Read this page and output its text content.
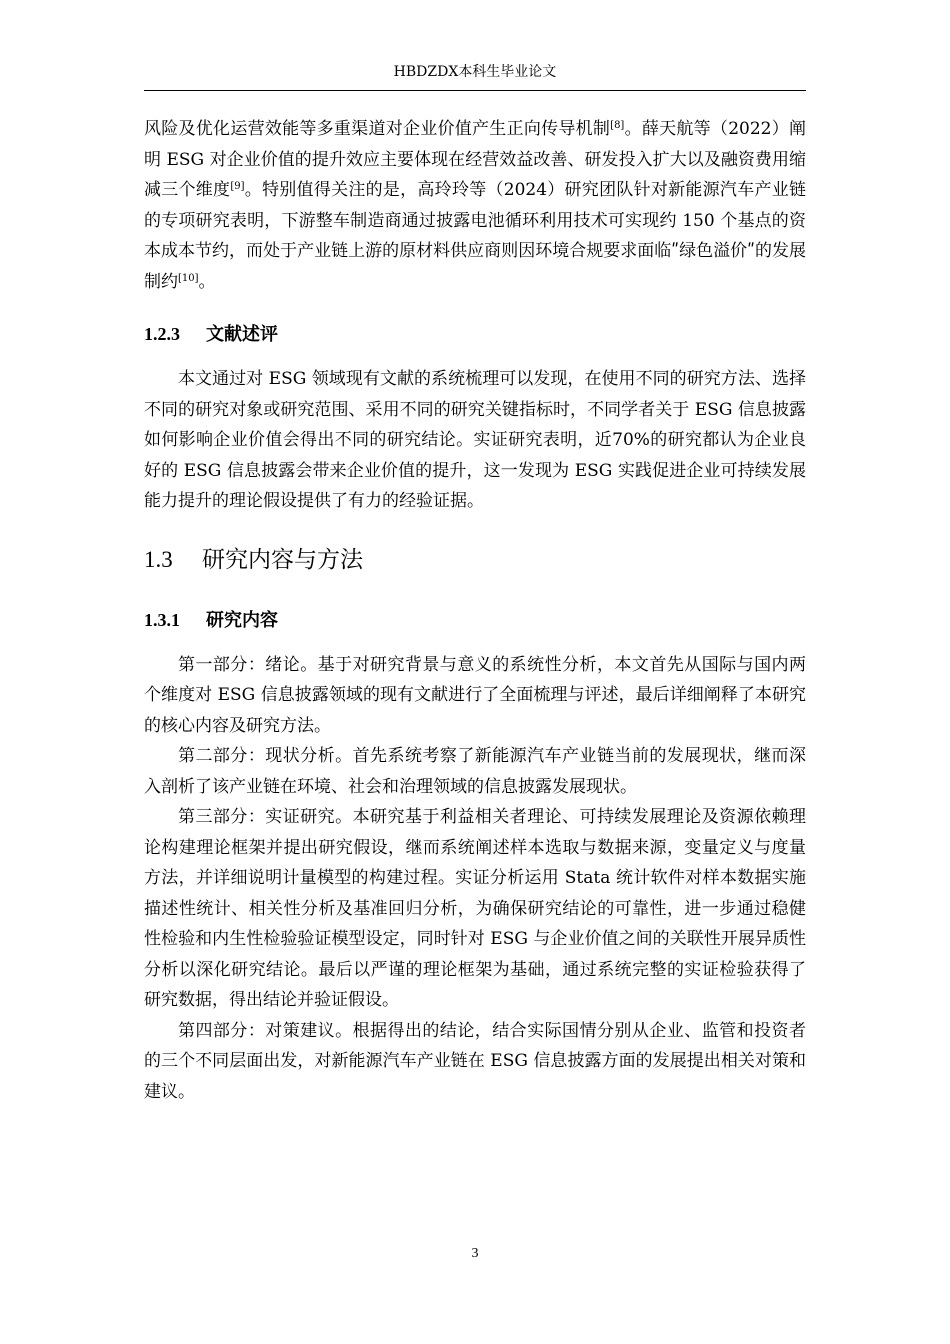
HBDZDX本科生毕业论文

风险及优化运营效能等多重渠道对企业价值产生正向传导机制[8]。薛天航等（2022）阐明 ESG 对企业价值的提升效应主要体现在经营效益改善、研发投入扩大以及融资费用缩减三个维度[9]。特别值得关注的是，高玲玲等（2024）研究团队针对新能源汽车产业链的专项研究表明，下游整车制造商通过披露电池循环利用技术可实现约 150 个基点的资本成本节约，而处于产业链上游的原材料供应商则因环境合规要求面临ʺ绿色溢价ʺ的发展制约[10]。

1.2.3 文献述评

本文通过对 ESG 领域现有文献的系统梳理可以发现，在使用不同的研究方法、选择不同的研究对象或研究范围、采用不同的研究关键指标时，不同学者关于 ESG 信息披露如何影响企业价值会得出不同的研究结论。实证研究表明，近70%的研究都认为企业良好的 ESG 信息披露会带来企业价值的提升，这一发现为 ESG 实践促进企业可持续发展能力提升的理论假设提供了有力的经验证据。

1.3 研究内容与方法
1.3.1 研究内容

第一部分：绪论。基于对研究背景与意义的系统性分析，本文首先从国际与国内两个维度对 ESG 信息披露领域的现有文献进行了全面梳理与评述，最后详细阐释了本研究的核心内容及研究方法。

第二部分：现状分析。首先系统考察了新能源汽车产业链当前的发展现状，继而深入剖析了该产业链在环境、社会和治理领域的信息披露发展现状。

第三部分：实证研究。本研究基于利益相关者理论、可持续发展理论及资源依赖理论构建理论框架并提出研究假设，继而系统阐述样本选取与数据来源，变量定义与度量方法，并详细说明计量模型的构建过程。实证分析运用 Stata 统计软件对样本数据实施描述性统计、相关性分析及基准回归分析，为确保研究结论的可靠性，进一步通过稳健性检验和内生性检验验证模型设定，同时针对 ESG 与企业价值之间的关联性开展异质性分析以深化研究结论。最后以严谨的理论框架为基础，通过系统完整的实证检验获得了研究数据，得出结论并验证假设。

第四部分：对策建议。根据得出的结论，结合实际国情分别从企业、监管和投资者的三个不同层面出发，对新能源汽车产业链在 ESG 信息披露方面的发展提出相关对策和建议。

3
